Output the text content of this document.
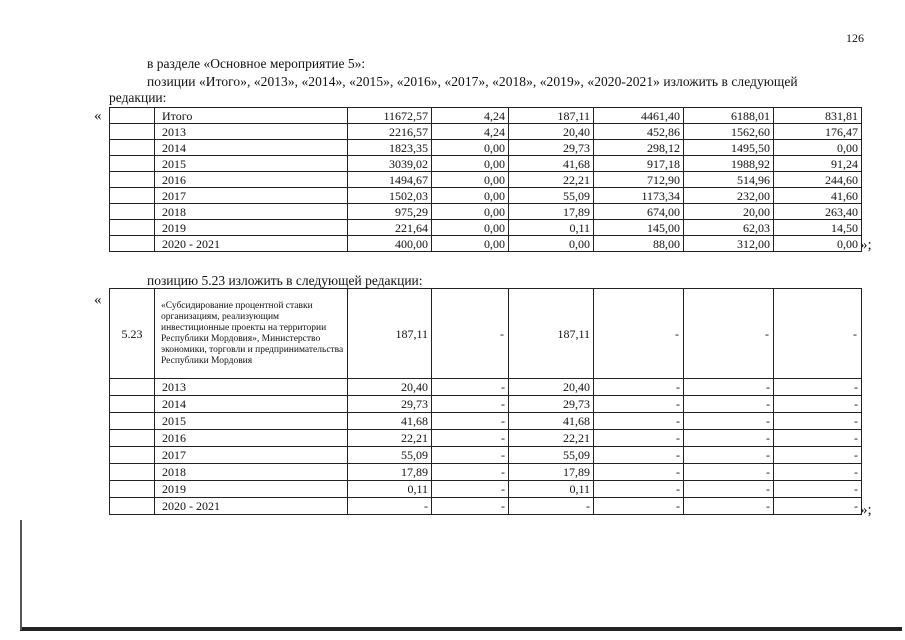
126
в разделе «Основное мероприятие 5»:
позиции «Итого», «2013», «2014», «2015», «2016», «2017», «2018», «2019», «2020-2021» изложить в следующей
редакции:
«
»;
	Итого	11672,57	4,24	187,11	4461,40	6188,01	831,81
	2013	2216,57	4,24	20,40	452,86	1562,60	176,47
	2014	1823,35	0,00	29,73	298,12	1495,50	0,00
	2015	3039,02	0,00	41,68	917,18	1988,92	91,24
	2016	1494,67	0,00	22,21	712,90	514,96	244,60
	2017	1502,03	0,00	55,09	1173,34	232,00	41,60
	2018	975,29	0,00	17,89	674,00	20,00	263,40
	2019	221,64	0,00	0,11	145,00	62,03	14,50
	2020 - 2021	400,00	0,00	0,00	88,00	312,00	0,00
позицию 5.23 изложить в следующей редакции:
«
»;
5.23	«Субсидирование процентной ставки организациям, реализующим инвестиционные проекты на территории Республики Мордовия», Министерство экономики, торговли и предпринимательства Республики Мордовия	187,11	-	187,11	-	-	-
	2013	20,40	-	20,40	-	-	-
	2014	29,73	-	29,73	-	-	-
	2015	41,68	-	41,68	-	-	-
	2016	22,21	-	22,21	-	-	-
	2017	55,09	-	55,09	-	-	-
	2018	17,89	-	17,89	-	-	-
	2019	0,11	-	0,11	-	-	-
	2020 - 2021	-	-	-	-	-	-
